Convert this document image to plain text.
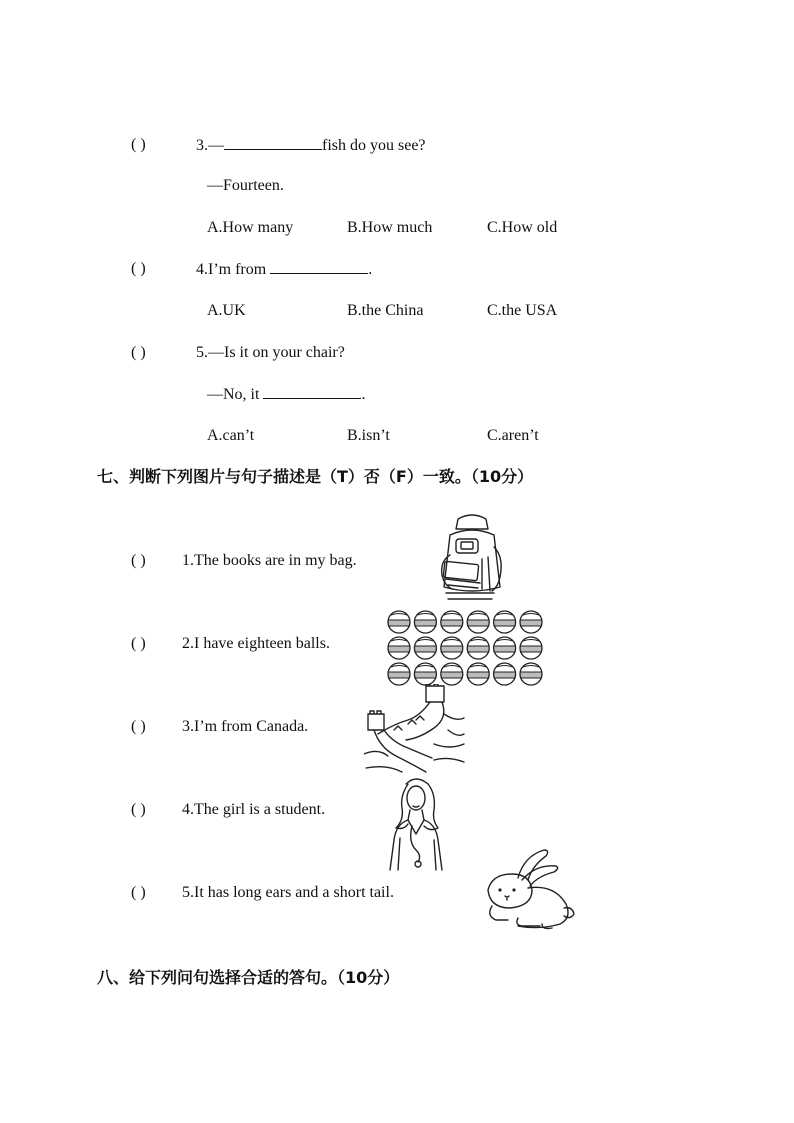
( )	3.—	fish do you see?
—Fourteen.
A.How many	B.How much	C.How old
( )	4.I’m from	.
A.UK	B.the China	C.the USA
( )	5.—Is it on your chair?
—No, it	.
A.can’t	B.isn’t	C.aren’t
七、判断下列图片与句子描述是（T）否（F）一致。（10分）
( ) 1.The books are in my bag.
( ) 2.I have eighteen balls.
( ) 3.I’m from Canada.
( ) 4.The girl is a student.
( ) 5.It has long ears and a short tail.
八、给下列问句选择合适的答句。（10分）
